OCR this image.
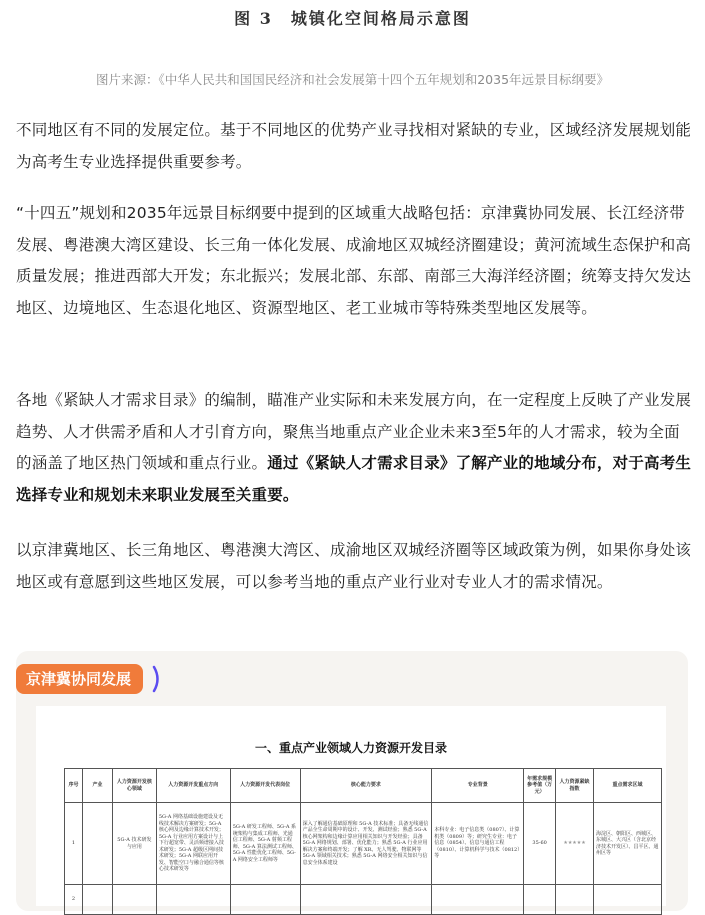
图 3　城镇化空间格局示意图
图片来源：《中华人民共和国国民经济和社会发展第十四个五年规划和2035年远景目标纲要》
不同地区有不同的发展定位。基于不同地区的优势产业寻找相对紧缺的专业，区域经济发展规划能为高考生专业选择提供重要参考。
“十四五”规划和2035年远景目标纲要中提到的区域重大战略包括：京津冀协同发展、长江经济带发展、粤港澳大湾区建设、长三角一体化发展、成渝地区双城经济圈建设；黄河流域生态保护和高质量发展；推进西部大开发；东北振兴；发展北部、东部、南部三大海洋经济圈；统筹支持欠发达地区、边境地区、生态退化地区、资源型地区、老工业城市等特殊类型地区发展等。
各地《紧缺人才需求目录》的编制，瞄准产业实际和未来发展方向，在一定程度上反映了产业发展趋势、人才供需矛盾和人才引育方向，聚焦当地重点产业企业未来3至5年的人才需求，较为全面的涵盖了地区热门领域和重点行业。通过《紧缺人才需求目录》了解产业的地域分布，对于高考生选择专业和规划未来职业发展至关重要。
以京津冀地区、长三角地区、粤港澳大湾区、成渝地区双城经济圈等区域政策为例，如果你身处该地区或有意愿到这些地区发展，可以参考当地的重点产业行业对专业人才的需求情况。
京津冀协同发展
一、重点产业领域人力资源开发目录
序号	产业	人力资源开发核心领域	人力资源开发重点方向	人力资源开发代表岗位	核心能力要求	专业背景	年需求规模参考值（万元）	人力资源紧缺指数	重点需求区域
1		5G-A 技术研发与应用	5G-A 网络基础设施建设及无线技术解决方案研发；5G-A 核心网及边缘计算技术开发；5G-A 行业应用方案设计与上下行超宽带、灵活频谱接入技术研发；5G-A 超级区网间技术研发；5G-A 网联应用开发、智能空口与融合通信等核心技术研发等	5G-A 研发工程师、5G-A 系统架构与集成工程师、光通信工程师、5G-A 射频工程师、5G-A 算法测试工程师、5G-A 性能优化工程师、5G-A 网络安全工程师等	深入了解通信基础原理和 5G-A 技术标准；具备无线通信产品全生命周期中的设计、开发、测试经验；熟悉 5G-A 核心网架构和边缘计算应用相关知识与开发经验；具备 5G-A 网络规划、部署、优化能力；熟悉 5G-A 行业应用解决方案和终端开发；了解 XR、无人驾驶、物联网等 5G-A 领域相关技术；熟悉 5G-A 网络安全相关知识与信息安全体系建设	本科专业：电子信息类（0807）、计算机类（0809）等；研究生专业：电子信息（0854）、信息与通信工程（0810）、计算机科学与技术（0812）等	35-60	★★★★★	海淀区、朝阳区、西城区、东城区、大兴区（含北京经济技术开发区）、昌平区、通州区等
2									
